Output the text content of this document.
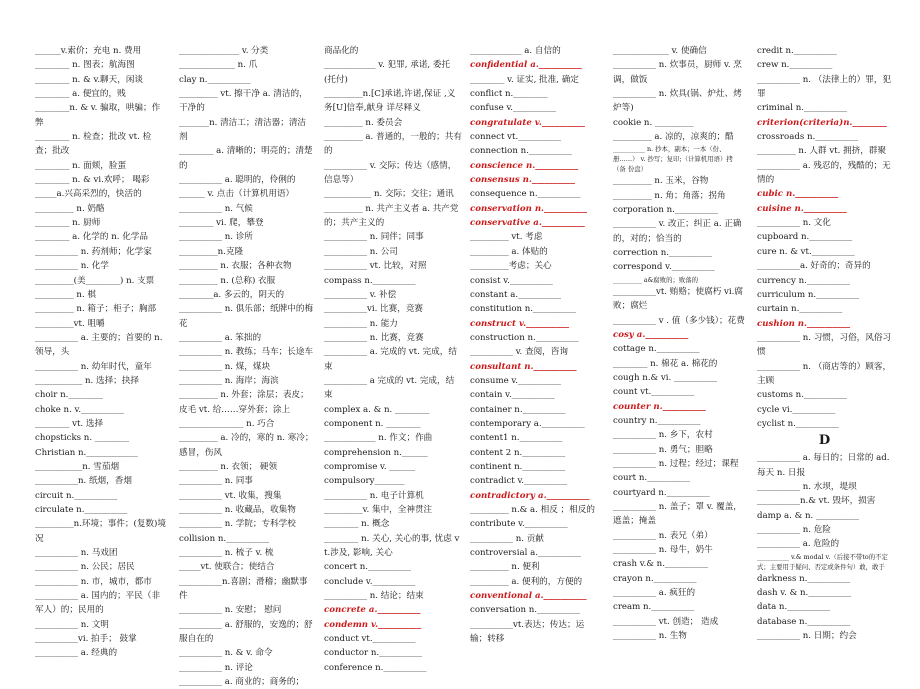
______v.索价；充电 n. 费用
________ n. 图表；航海图
________ n. & v.聊天，闲谈
________ a. 便宜的，贱
________n. & v. 骗取，哄骗；作弊
________ n. 检查；批改 vt. 检查；批改
________ n. 面颊，脸蛋
________ n. & vi.欢呼； 喝彩
_____a.兴高采烈的，快活的
_________ n. 奶酪
________ n. 厨师
________ a. 化学的 n. 化学品
__________ n. 药剂师；化学家
__________ n. 化学
_________(美________) n. 支票
_________ n. 棋
_________ n. 箱子；柜子；胸部
_________vt. 咀嚼
__________ a. 主要的；首要的 n.领导，头
__________ n. 幼年时代，童年
___________ n. 选择；抉择
choir n.________
choke n. v.__________
________ vt. 选择
chopsticks n. ________
Christian n.____________
___________n. 雪茄烟
__________n. 纸烟，香烟
circuit n.__________
circulate n.__________
_________n.环境；事件；(复数)境况
__________ n. 马戏团
__________ n. 公民；居民
__________ n. 市，城市，都市
__________ a. 国内的；平民（非军人）的；民用的
__________ n. 文明
__________vi. 拍手； 鼓掌
__________ a. 经典的
______________ v. 分类
_____________ n. 爪
clay n.__________
_________ vt. 擦干净 a. 清洁的，干净的
_______n. 清洁工；清洁器；清洁剂
________ a. 清晰的；明亮的；清楚的
__________ a. 聪明的，伶俐的
______ v. 点击（计算机用语）
__________ n. 气候
________ vi. 爬，攀登
__________ n. 诊所
_________n.克隆
_________ n. 衣服；各种衣物
_________ n. (总称) 衣服
________a. 多云的，阴天的
__________ n. 俱乐部；纸牌中的梅花
__________ a. 笨拙的
__________ n. 教练；马车；长途车
__________ n. 煤，煤块
__________ n. 海岸；海滨
_________ n. 外套；涂层；表皮；皮毛 vt. 给……穿外套；涂上
_______________ n. 巧合
_________ a. 冷的，寒的 n. 寒冷；感冒，伤风
_________ n. 衣领； 硬领
__________ n. 同事
__________ vt. 收集，搜集
__________ n. 收藏品，收集物
__________ n. 学院；专科学校
collision n.__________
__________ n. 梳子 v. 梳
_____vt. 使联合；使结合
__________n.喜剧；滑稽；幽默事件
__________ n. 安慰； 慰问
__________ a. 舒服的，安逸的；舒服自在的
__________ n. & v. 命令
__________ n. 评论
__________ a. 商业的；商务的；
商品化的
____________ v. 犯罪, 承诺, 委托(托付)
_________n.[C]承诺,许诺,保证 ,义务[U]信奉,献身 详尽释义
_________ n. 委员会
_________ a. 普通的，一般的；共有的
__________ v. 交际；传达（感情，信息等）
___________ n. 交际；交往；通讯
_________ n. 共产主义者 a. 共产党的；共产主义的
__________ n. 同伴；同事
__________ n. 公司
__________ vt. 比较，对照
compass n.__________
__________ v. 补偿
__________vi. 比赛，竞赛
__________ n. 能力
__________ n. 比赛，竞赛
__________ a. 完成的 vt. 完成，结束
__________ a 完成的 vt. 完成，结束
complex a. & n. ________
component n. ________
____________ n. 作文；作曲
comprehension n.______
compromise v. ______
compulsory_______
__________ n. 电子计算机
_________v. 集中，全神贯注
________ n. 概念
________ n. 关心, 关心的事, 忧虑 vt.涉及, 影响, 关心
concert n.__________
conclude v.__________
__________ n. 结论；结束
concrete a.__________
condemn v.__________
conduct vt.__________
conductor n.__________
conference n.__________
____________ a. 自信的
confidential a.__________
________ v. 证实, 批准, 确定
conflict n.________
confuse v.__________
congratulate v.__________
connect vt.__________
connection n.__________
conscience n.__________
consensus n.__________
consequence n.__________
conservation n.__________
conservative a.__________
_________ vt. 考虑
_________ a. 体贴的
_________考虑；关心
consist v.__________
constant a.__________
constitution n.__________
construct v.__________
construction n.__________
__________ v. 查阅，咨询
consultant n.__________
consume v.__________
contain v.__________
container n.__________
contemporary a.__________
content1 n.__________
content 2 n.__________
continent n.__________
contradict v.__________
contradictory a.__________
_________ n.& a. 相反 ；相反的
contribute v.__________
__________ n. 贡献
controversial a.__________
_________ n. 便利
_________ a. 便利的，方便的
conventional a.__________
conversation n.__________
__________vt.表达；传达；运输；转移
_____________ v. 使确信
__________ n. 炊事员，厨师 v. 烹调，做饭
__________ n. 炊具(锅、炉灶、烤炉等)
cookie n. _________
_________ a. 凉的，凉爽的；酷
__________ n. 抄本，副本；一本（份、册……） v. 抄写；复印;（计算机用语）拷（备 份盘）
_________ n. 玉米，谷物
_________ n. 角；角落；拐角
corporation n.__________
__________ v. 改正；纠正 a. 正确的，对的；恰当的
correction n.__________
correspond v.__________
_________ a&腐败的；败落的
__________vt. 贿赂；使腐朽 vi.腐败；腐烂
__________ v . 值（多少钱）；花费
cosy a.__________
cottage n.__________
________ n. 棉花 a. 棉花的
cough n.& vi. __________
count vt.__________
counter n.__________
country n.__________
__________ n. 乡下，农村
__________ n. 勇气；胆略
__________ n. 过程；经过；课程
court n.__________
courtyard n.__________
__________ n. 盖子；罩 v. 覆盖，遮盖；掩盖
__________ n. 表兄（弟）
__________ n. 母牛，奶牛
crash v.& n.__________
crayon n.__________
__________ a. 疯狂的
cream n.__________
__________ vt. 创造； 造成
__________ n. 生物
credit n.__________
crew n.__________
__________ n. （法律上的）罪，犯罪
criminal n.__________
criterion(criteria)n.________
crossroads n.__________
_________ n. 人群 vt. 拥挤，群聚
__________ a. 残忍的，残酷的；无情的
cubic n.__________
cuisine n.__________
__________ n. 文化
cupboard n.__________
cure n. & vt.__________
__________a. 好奇的；奇异的
currency n.__________
curriculum n.__________
curtain n.__________
cushion n.__________
__________ n. 习惯，习俗，风俗习惯
__________ n. （商店等的）顾客，主顾
customs n.__________
cycle vi.__________
cyclist n.__________
D
__________ a. 每日的；日常的 ad. 每天 n. 日报
__________ n. 水坝，堤坝
__________n.& vt. 毁坏，损害
damp a. & n. __________
__________ n. 危险
__________ a. 危险的
__________ v.& modal v.（后接不带to的不定式；主要用于疑问、否定或条件句）敢，敢于
darkness n.__________
dash v. & n.__________
data n.__________
database n.__________
__________ n. 日期；约会
